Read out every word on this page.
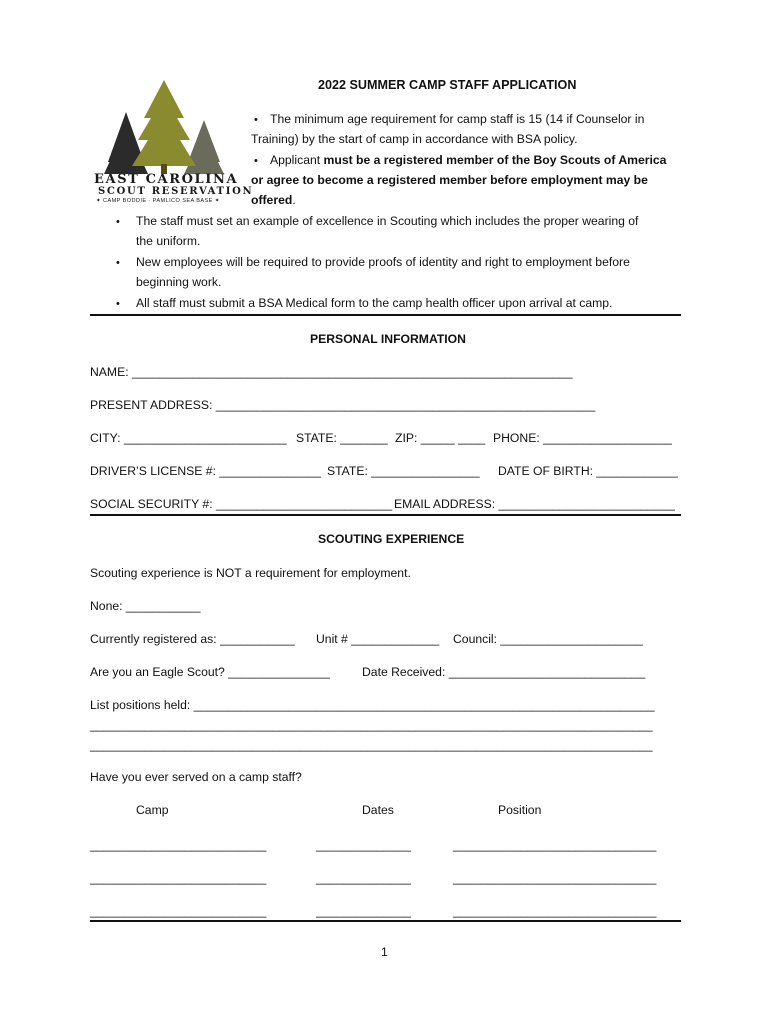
2022 SUMMER CAMP STAFF APPLICATION
EAST CAROLINA
SCOUT RESERVATION
✦ CAMP BODDIE · PAMLICO SEA BASE ✦
• The minimum age requirement for camp staff is 15 (14 if Counselor in
Training) by the start of camp in accordance with BSA policy.
• Applicant must be a registered member of the Boy Scouts of America
or agree to become a registered member before employment may be
offered.
• The staff must set an example of excellence in Scouting which includes the proper wearing of
the uniform.
• New employees will be required to provide proofs of identity and right to employment before
beginning work.
• All staff must submit a BSA Medical form to the camp health officer upon arrival at camp.
PERSONAL INFORMATION
NAME: _________________________________________________________________
PRESENT ADDRESS: ________________________________________________________
CITY: ________________________ STATE: _______ ZIP: _____ ____ PHONE: ___________________
DRIVER’S LICENSE #: _______________ STATE: ________________ DATE OF BIRTH: ____________
SOCIAL SECURITY #: __________________________ EMAIL ADDRESS: __________________________
SCOUTING EXPERIENCE
Scouting experience is NOT a requirement for employment.
None: ___________
Currently registered as: ___________ Unit # _____________ Council: _____________________
Are you an Eagle Scout? _______________	Date Received: _____________________________
List positions held: ____________________________________________________________________
___________________________________________________________________________________
___________________________________________________________________________________
Have you ever served on a camp staff?
Camp	Dates	Position
__________________________	______________	______________________________
__________________________	______________	______________________________
__________________________	______________	______________________________
1
